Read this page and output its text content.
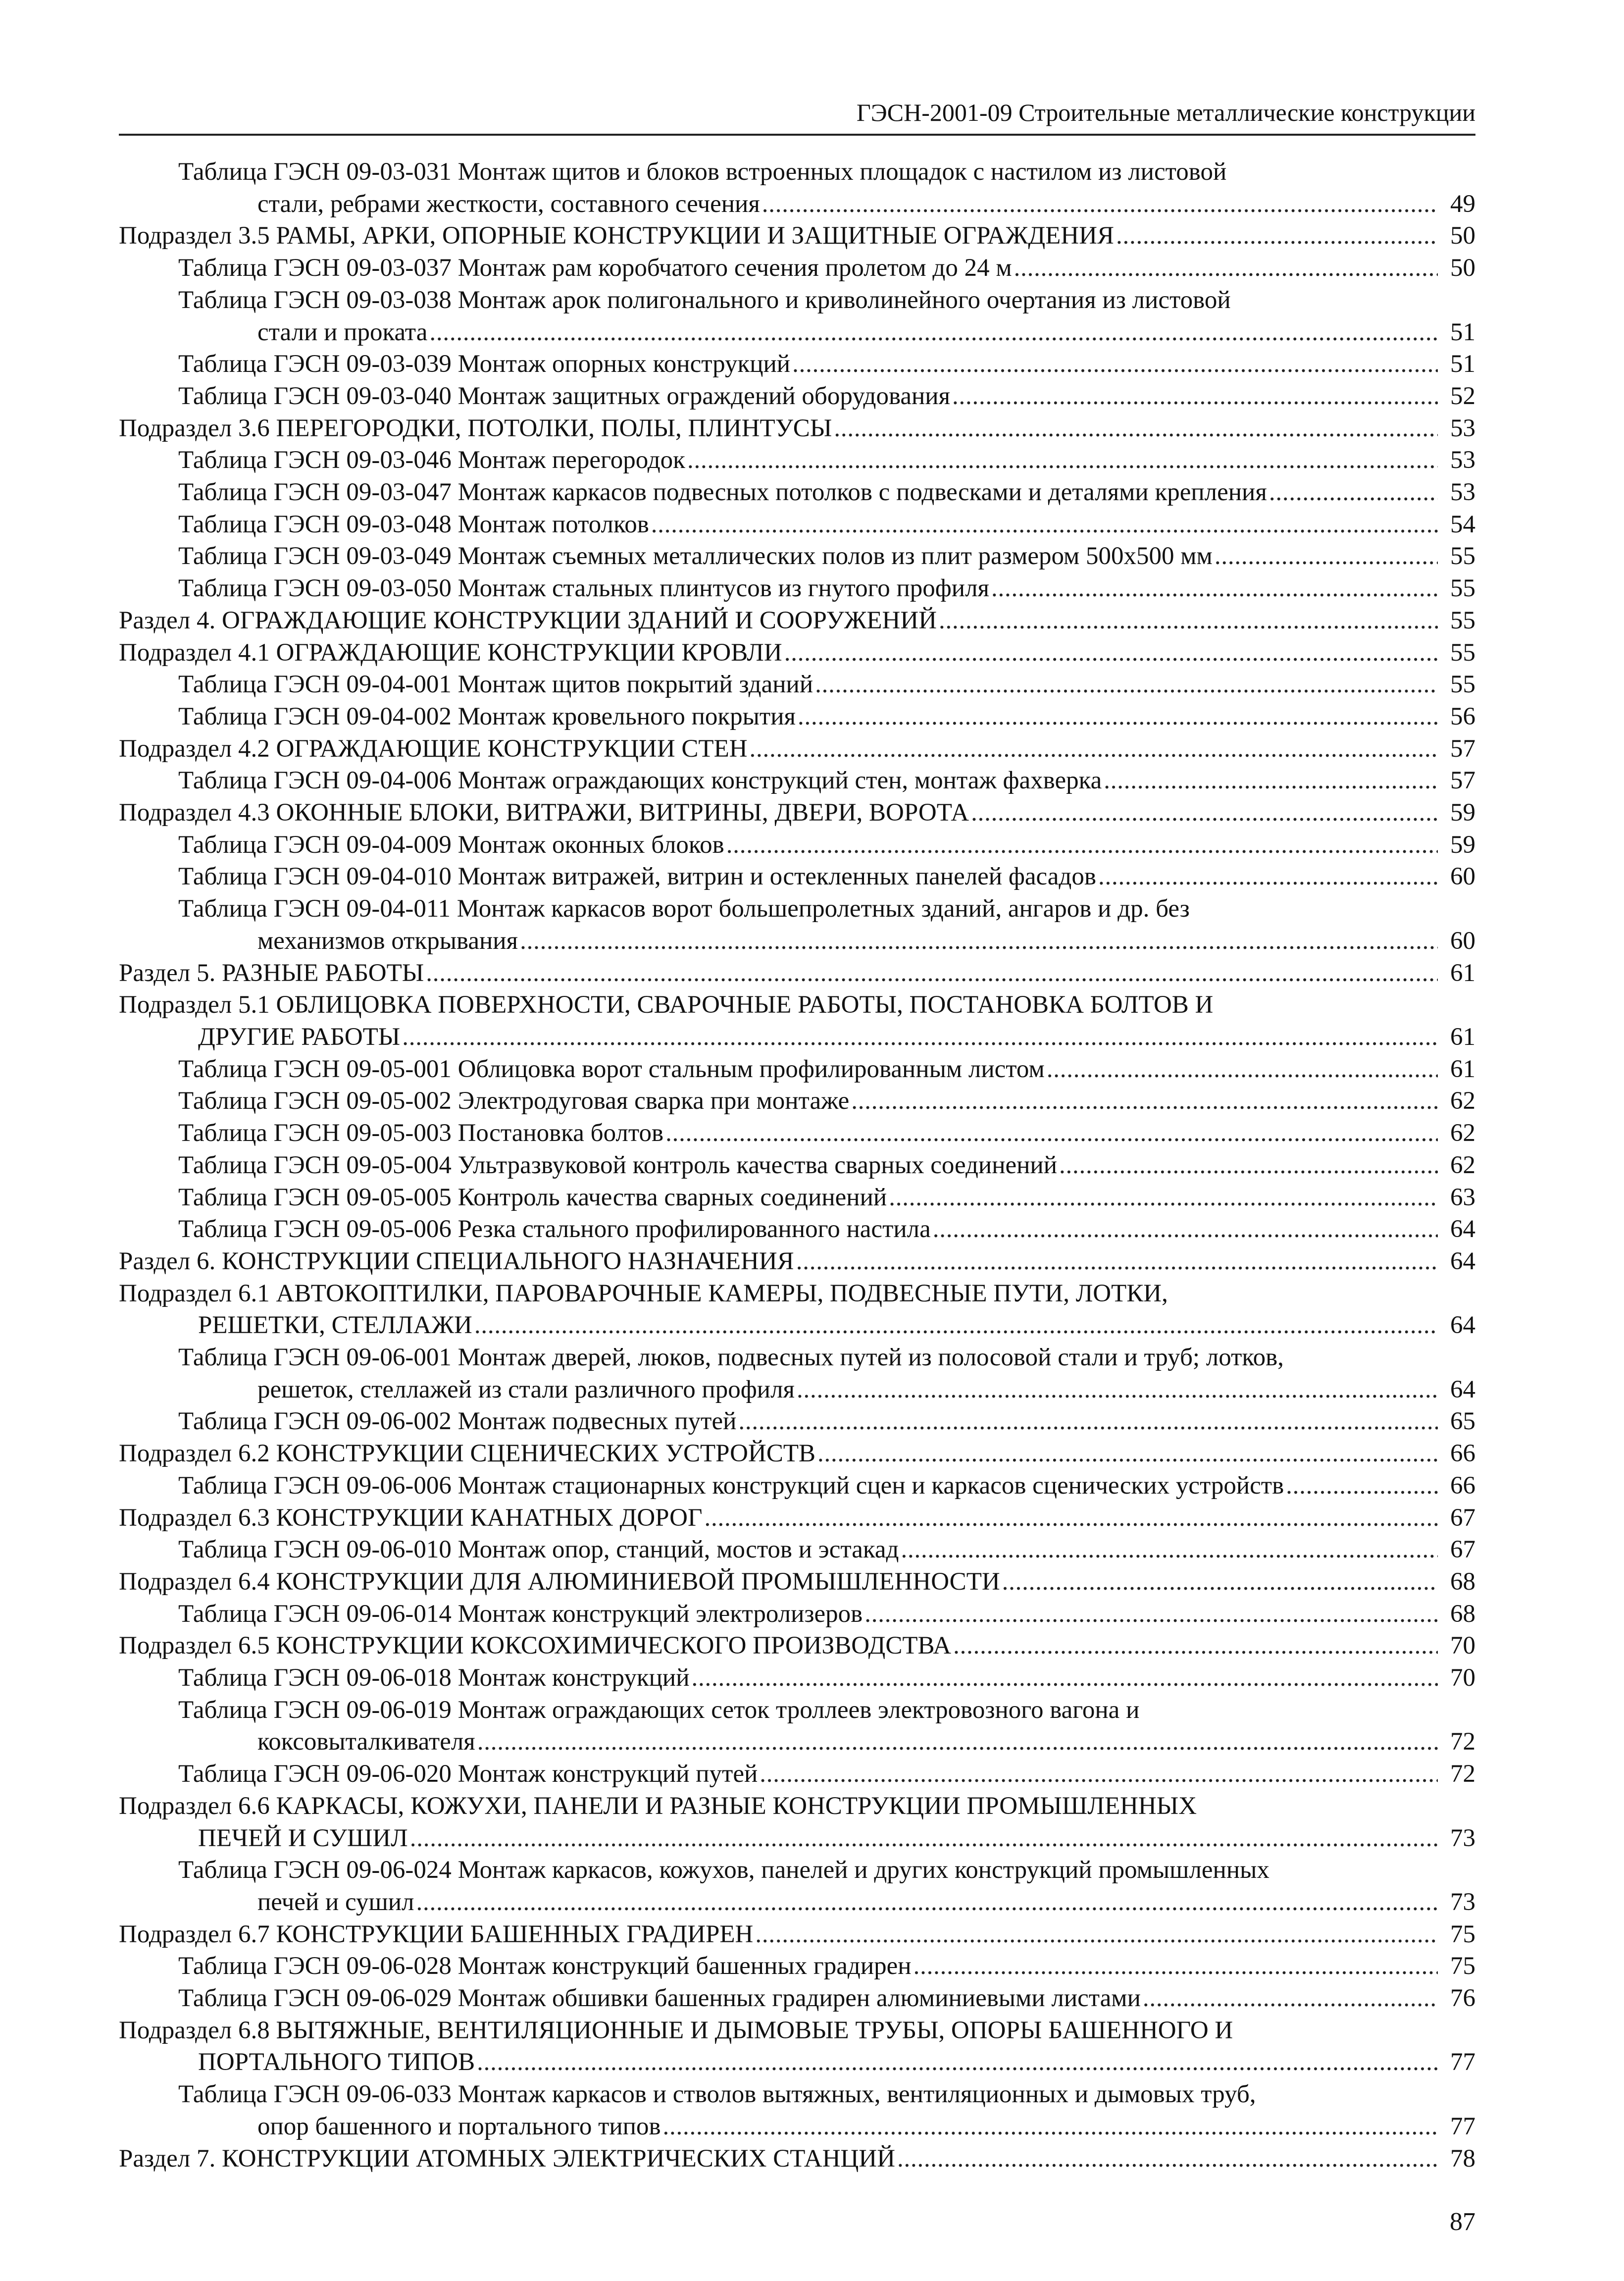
ГЭСН-2001-09 Строительные металлические конструкции
Таблица ГЭСН 09-03-031 Монтаж щитов и блоков встроенных площадок с настилом из листовой
стали, ребрами жесткости, составного сечения . . .	49
Подраздел 3.5 РАМЫ, АРКИ, ОПОРНЫЕ КОНСТРУКЦИИ И ЗАЩИТНЫЕ ОГРАЖДЕНИЯ . . .	50
Таблица ГЭСН 09-03-037 Монтаж рам коробчатого сечения пролетом до 24 м . . .	50
Таблица ГЭСН 09-03-038 Монтаж арок полигонального и криволинейного очертания из листовой
стали и проката . . .	51
Таблица ГЭСН 09-03-039 Монтаж опорных конструкций . . .	51
Таблица ГЭСН 09-03-040 Монтаж защитных ограждений оборудования . . .	52
Подраздел 3.6 ПЕРЕГОРОДКИ, ПОТОЛКИ, ПОЛЫ, ПЛИНТУСЫ . . .	53
Таблица ГЭСН 09-03-046 Монтаж перегородок . . .	53
Таблица ГЭСН 09-03-047 Монтаж каркасов подвесных потолков с подвесками и деталями крепления . . .	53
Таблица ГЭСН 09-03-048 Монтаж потолков . . .	54
Таблица ГЭСН 09-03-049 Монтаж съемных металлических полов из плит размером 500х500 мм . . .	55
Таблица ГЭСН 09-03-050 Монтаж стальных плинтусов из гнутого профиля . . .	55
Раздел 4. ОГРАЖДАЮЩИЕ КОНСТРУКЦИИ ЗДАНИЙ И СООРУЖЕНИЙ . . .	55
Подраздел 4.1 ОГРАЖДАЮЩИЕ КОНСТРУКЦИИ КРОВЛИ . . .	55
Таблица ГЭСН 09-04-001 Монтаж щитов покрытий зданий . . .	55
Таблица ГЭСН 09-04-002 Монтаж кровельного покрытия . . .	56
Подраздел 4.2 ОГРАЖДАЮЩИЕ КОНСТРУКЦИИ СТЕН . . .	57
Таблица ГЭСН 09-04-006 Монтаж ограждающих конструкций стен, монтаж фахверка . . .	57
Подраздел 4.3 ОКОННЫЕ БЛОКИ, ВИТРАЖИ, ВИТРИНЫ, ДВЕРИ, ВОРОТА . . .	59
Таблица ГЭСН 09-04-009 Монтаж оконных блоков . . .	59
Таблица ГЭСН 09-04-010 Монтаж витражей, витрин и остекленных панелей фасадов . . .	60
Таблица ГЭСН 09-04-011 Монтаж каркасов ворот большепролетных зданий, ангаров и др. без
механизмов открывания . . .	60
Раздел 5. РАЗНЫЕ РАБОТЫ . . .	61
Подраздел 5.1 ОБЛИЦОВКА ПОВЕРХНОСТИ, СВАРОЧНЫЕ РАБОТЫ, ПОСТАНОВКА БОЛТОВ И
ДРУГИЕ РАБОТЫ . . .	61
Таблица ГЭСН 09-05-001 Облицовка ворот стальным профилированным листом . . .	61
Таблица ГЭСН 09-05-002 Электродуговая сварка при монтаже . . .	62
Таблица ГЭСН 09-05-003 Постановка болтов . . .	62
Таблица ГЭСН 09-05-004 Ультразвуковой контроль качества сварных соединений . . .	62
Таблица ГЭСН 09-05-005 Контроль качества сварных соединений . . .	63
Таблица ГЭСН 09-05-006 Резка стального профилированного настила . . .	64
Раздел 6. КОНСТРУКЦИИ СПЕЦИАЛЬНОГО НАЗНАЧЕНИЯ . . .	64
Подраздел 6.1 АВТОКОПТИЛКИ, ПАРОВАРОЧНЫЕ КАМЕРЫ, ПОДВЕСНЫЕ ПУТИ, ЛОТКИ,
РЕШЕТКИ, СТЕЛЛАЖИ . . .	64
Таблица ГЭСН 09-06-001 Монтаж дверей, люков, подвесных путей из полосовой стали и труб; лотков,
решеток, стеллажей из стали различного профиля . . .	64
Таблица ГЭСН 09-06-002 Монтаж подвесных путей . . .	65
Подраздел 6.2 КОНСТРУКЦИИ СЦЕНИЧЕСКИХ УСТРОЙСТВ . . .	66
Таблица ГЭСН 09-06-006 Монтаж стационарных конструкций сцен и каркасов сценических устройств . . .	66
Подраздел 6.3 КОНСТРУКЦИИ КАНАТНЫХ ДОРОГ . . .	67
Таблица ГЭСН 09-06-010 Монтаж опор, станций, мостов и эстакад . . .	67
Подраздел 6.4 КОНСТРУКЦИИ ДЛЯ АЛЮМИНИЕВОЙ ПРОМЫШЛЕННОСТИ . . .	68
Таблица ГЭСН 09-06-014 Монтаж конструкций электролизеров . . .	68
Подраздел 6.5 КОНСТРУКЦИИ КОКСОХИМИЧЕСКОГО ПРОИЗВОДСТВА . . .	70
Таблица ГЭСН 09-06-018 Монтаж конструкций . . .	70
Таблица ГЭСН 09-06-019 Монтаж ограждающих сеток троллеев электровозного вагона и
коксовыталкивателя . . .	72
Таблица ГЭСН 09-06-020 Монтаж конструкций путей . . .	72
Подраздел 6.6 КАРКАСЫ, КОЖУХИ, ПАНЕЛИ И РАЗНЫЕ КОНСТРУКЦИИ ПРОМЫШЛЕННЫХ
ПЕЧЕЙ И СУШИЛ . . .	73
Таблица ГЭСН 09-06-024 Монтаж каркасов, кожухов, панелей и других конструкций промышленных
печей и сушил . . .	73
Подраздел 6.7 КОНСТРУКЦИИ БАШЕННЫХ ГРАДИРЕН . . .	75
Таблица ГЭСН 09-06-028 Монтаж конструкций башенных градирен . . .	75
Таблица ГЭСН 09-06-029 Монтаж обшивки башенных градирен алюминиевыми листами . . .	76
Подраздел 6.8 ВЫТЯЖНЫЕ, ВЕНТИЛЯЦИОННЫЕ И ДЫМОВЫЕ ТРУБЫ, ОПОРЫ БАШЕННОГО И
ПОРТАЛЬНОГО ТИПОВ . . .	77
Таблица ГЭСН 09-06-033 Монтаж каркасов и стволов вытяжных, вентиляционных и дымовых труб,
опор башенного и портального типов . . .	77
Раздел 7. КОНСТРУКЦИИ АТОМНЫХ ЭЛЕКТРИЧЕСКИХ СТАНЦИЙ . . .	78
87
